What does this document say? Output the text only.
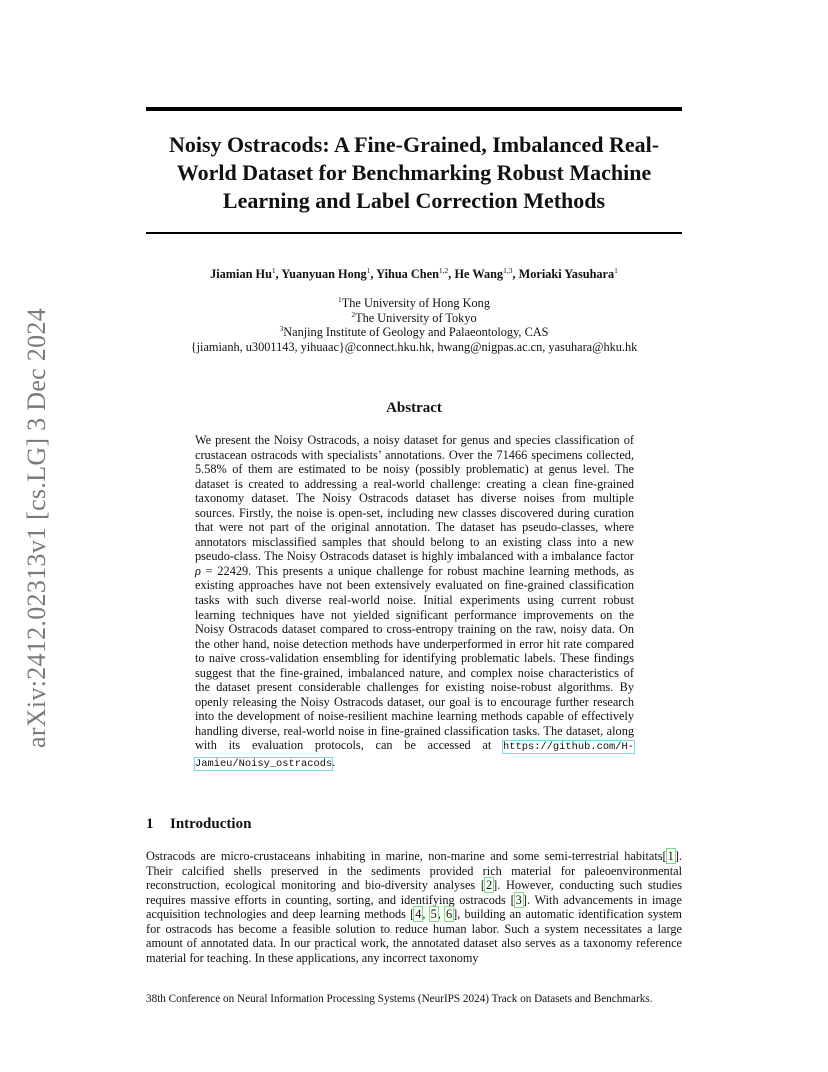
arXiv:2412.02313v1 [cs.LG] 3 Dec 2024
Noisy Ostracods: A Fine-Grained, Imbalanced Real-World Dataset for Benchmarking Robust Machine Learning and Label Correction Methods
Jiamian Hu$^1$, Yuanyuan Hong$^1$, Yihua Chen$^{1,2}$, He Wang$^{1,3}$, Moriaki Yasuhara$^1$
$^1$The University of Hong Kong
$^2$The University of Tokyo
$^3$Nanjing Institute of Geology and Palaeontology, CAS
{jiamianh, u3001143, yihuaac}@connect.hku.hk, hwang@nigpas.ac.cn, yasuhara@hku.hk
Abstract

We present the Noisy Ostracods, a noisy dataset for genus and species classification of crustacean ostracods with specialists’ annotations. Over the 71466 specimens collected, 5.58% of them are estimated to be noisy (possibly problematic) at genus level. The dataset is created to addressing a real-world challenge: creating a clean fine-grained taxonomy dataset. The Noisy Ostracods dataset has diverse noises from multiple sources. Firstly, the noise is open-set, including new classes discovered during curation that were not part of the original annotation. The dataset has pseudo-classes, where annotators misclassified samples that should belong to an existing class into a new pseudo-class. The Noisy Ostracods dataset is highly imbalanced with a imbalance factor ρ = 22429. This presents a unique challenge for robust machine learning methods, as existing approaches have not been extensively evaluated on fine-grained classification tasks with such diverse real-world noise. Initial experiments using current robust learning techniques have not yielded significant performance improvements on the Noisy Ostracods dataset compared to cross-entropy training on the raw, noisy data. On the other hand, noise detection methods have underperformed in error hit rate compared to naive cross-validation ensembling for identifying problematic labels. These findings suggest that the fine-grained, imbalanced nature, and complex noise characteristics of the dataset present considerable challenges for existing noise-robust algorithms. By openly releasing the Noisy Ostracods dataset, our goal is to encourage further research into the development of noise-resilient machine learning methods capable of effectively handling diverse, real-world noise in fine-grained classification tasks. The dataset, along with its evaluation protocols, can be accessed at https://github.com/H-Jamieu/Noisy_ostracods.

1 Introduction

Ostracods are micro-crustaceans inhabiting in marine, non-marine and some semi-terrestrial habitats[1]. Their calcified shells preserved in the sediments provided rich material for paleoenvironmental reconstruction, ecological monitoring and bio-diversity analyses [2]. However, conducting such studies requires massive efforts in counting, sorting, and identifying ostracods [3]. With advancements in image acquisition technologies and deep learning methods [4, 5, 6], building an automatic identification system for ostracods has become a feasible solution to reduce human labor. Such a system necessitates a large amount of annotated data. In our practical work, the annotated dataset also serves as a taxonomy reference material for teaching. In these applications, any incorrect taxonomy

38th Conference on Neural Information Processing Systems (NeurIPS 2024) Track on Datasets and Benchmarks.
